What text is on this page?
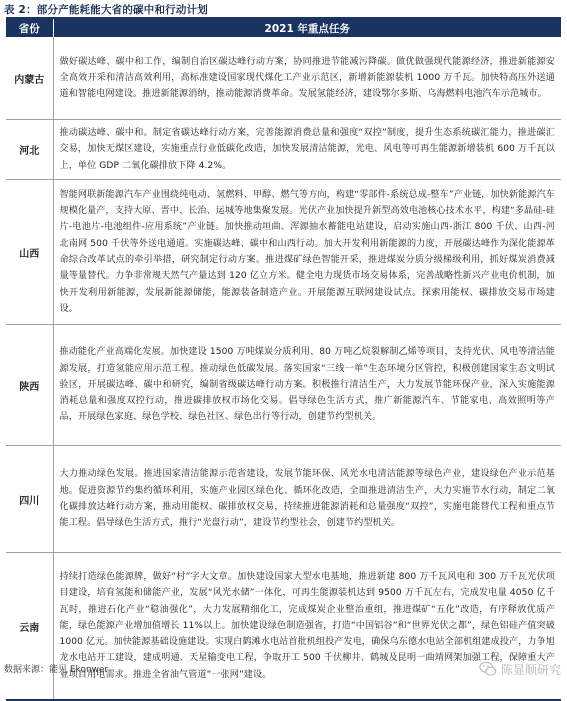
表 2：部分产能耗能大省的碳中和行动计划
省份	2021 年重点任务
内蒙古	做好碳达峰、碳中和工作，编制自治区碳达峰行动方案，协同推进节能减污降碳。做优做强现代能源经济，推进新能源安全高效开采和清洁高效利用，高标准建设国家现代煤化工产业示范区，新增新能源装机 1000 万千瓦。加快特高压外送通道和智能电网建设。推进新能源消纳，推动能源消费革命。发展氢能经济，建设鄂尔多斯、乌海燃料电池汽车示范城市。
河北	推动碳达峰、碳中和。制定省碳达峰行动方案，完善能源消费总量和强度“双控”制度，提升生态系统碳汇能力，推进碳汇交易，加快无煤区建设，实施重点行业低碳化改造，加快发展清洁能源，光电、风电等可再生能源新增装机 600 万千瓦以上，单位 GDP 二氧化碳排放下降 4.2%。
山西	智能网联新能源汽车产业围绕纯电动、氢燃料、甲醇、燃气等方向，构建“零部件-系统总成-整车”产业链，加快新能源汽车规模化量产，支持大原、晋中、长治、运城等地集聚发展。光伏产业加快提升新型高效电池核心技术水平，构建“多晶硅-硅片-电池片-电池组件-应用系统”产业链。加快推动垣曲、浑源抽水蓄能电站建设，启动实施山西-浙江 800 千伏、山西-河北南网 500 千伏等外送电通道。实施碳达峰、碳中和山西行动。加大开发利用新能源的力度，开展碳达峰作为深化能源革命综合改革试点的牵引举措，研究制定行动方案。推进煤矿绿色智能开采，推进煤炭分质分级梯级利用，抓好煤炭消费减量等量替代。力争非常规天然气产量达到 120 亿立方米。健全电力现货市场交易体系，完善战略性新兴产业电价机制，加快开发利用新能源，发展新能源储能，能源装备制造产业。开展能源互联网建设试点。探索用能权、碳排放交易市场建设。
陕西	推动能化产业高端化发展。加快建设 1500 万吨煤炭分质利用、80 万吨乙烷裂解制乙烯等项目，支持光伏、风电等清洁能源发展，打造氢能应用示范工程。推动绿色低碳发展。落实国家“三线一单”生态环境分区管控，积极创建国家生态文明试验区，开展碳达峰、碳中和研究，编制省级碳达峰行动方案。积极推行清洁生产，大力发展节能环保产业，深入实施能源消耗总量和强度双控行动，推进碳排放权市场化交易。倡导绿色生活方式，推广新能源汽车、节能家电、高效照明等产品，开展绿色家庭、绿色学校、绿色社区、绿色出行等行动，创建节约型机关。
四川	大力推动绿色发展。推进国家清洁能源示范省建设，发展节能环保、风光水电清洁能源等绿色产业，建设绿色产业示范基地。促进资源节约集约循环利用，实施产业园区绿色化、循环化改造，全面推进清洁生产，大力实施节水行动，制定二氧化碳排放达峰行动方案，推动用能权、碳排放权交易，持续推进能源消耗和总量强度“双控”，实施电能替代工程和重点节能工程。倡导绿色生活方式，推行“光盘行动”，建设节约型社会，创建节约型机关。
云南	持续打造绿色能源牌，做好“村”字大文章。加快建设国家大型水电基地，推进新建 800 万千瓦风电和 300 万千瓦光伏项目建设，培育氢能和储能产业，发展“风光水储”一体化，可再生能源装机达到 9500 万千瓦左右，完成发电量 4050 亿千瓦时，推进石化产业“稳油强化”，大力发展精细化工，完成煤炭企业整治重组，推进煤矿“五化”改造，有序释放优质产能，绿色能源产业增加值增长 11%以上。加快建设绿色制造强省，打造“中国铝谷”和“世界光伏之都”，绿色铝硅产值突破 1000 亿元。加快能源基础设施建设。实现白鹤滩水电站首批机组投产发电，确保乌东德水电站全部机组建成投产，力争旭龙水电站开工建设，建成明通、天星输变电工程，争取开工 500 千伏柳井、鹤城及昆明一曲靖网架加强工程，保障重大产业项目用电需求。推进全省油气管道“一张网”建设。
数据来源：能见 Ekonwer	陈显顺研究
